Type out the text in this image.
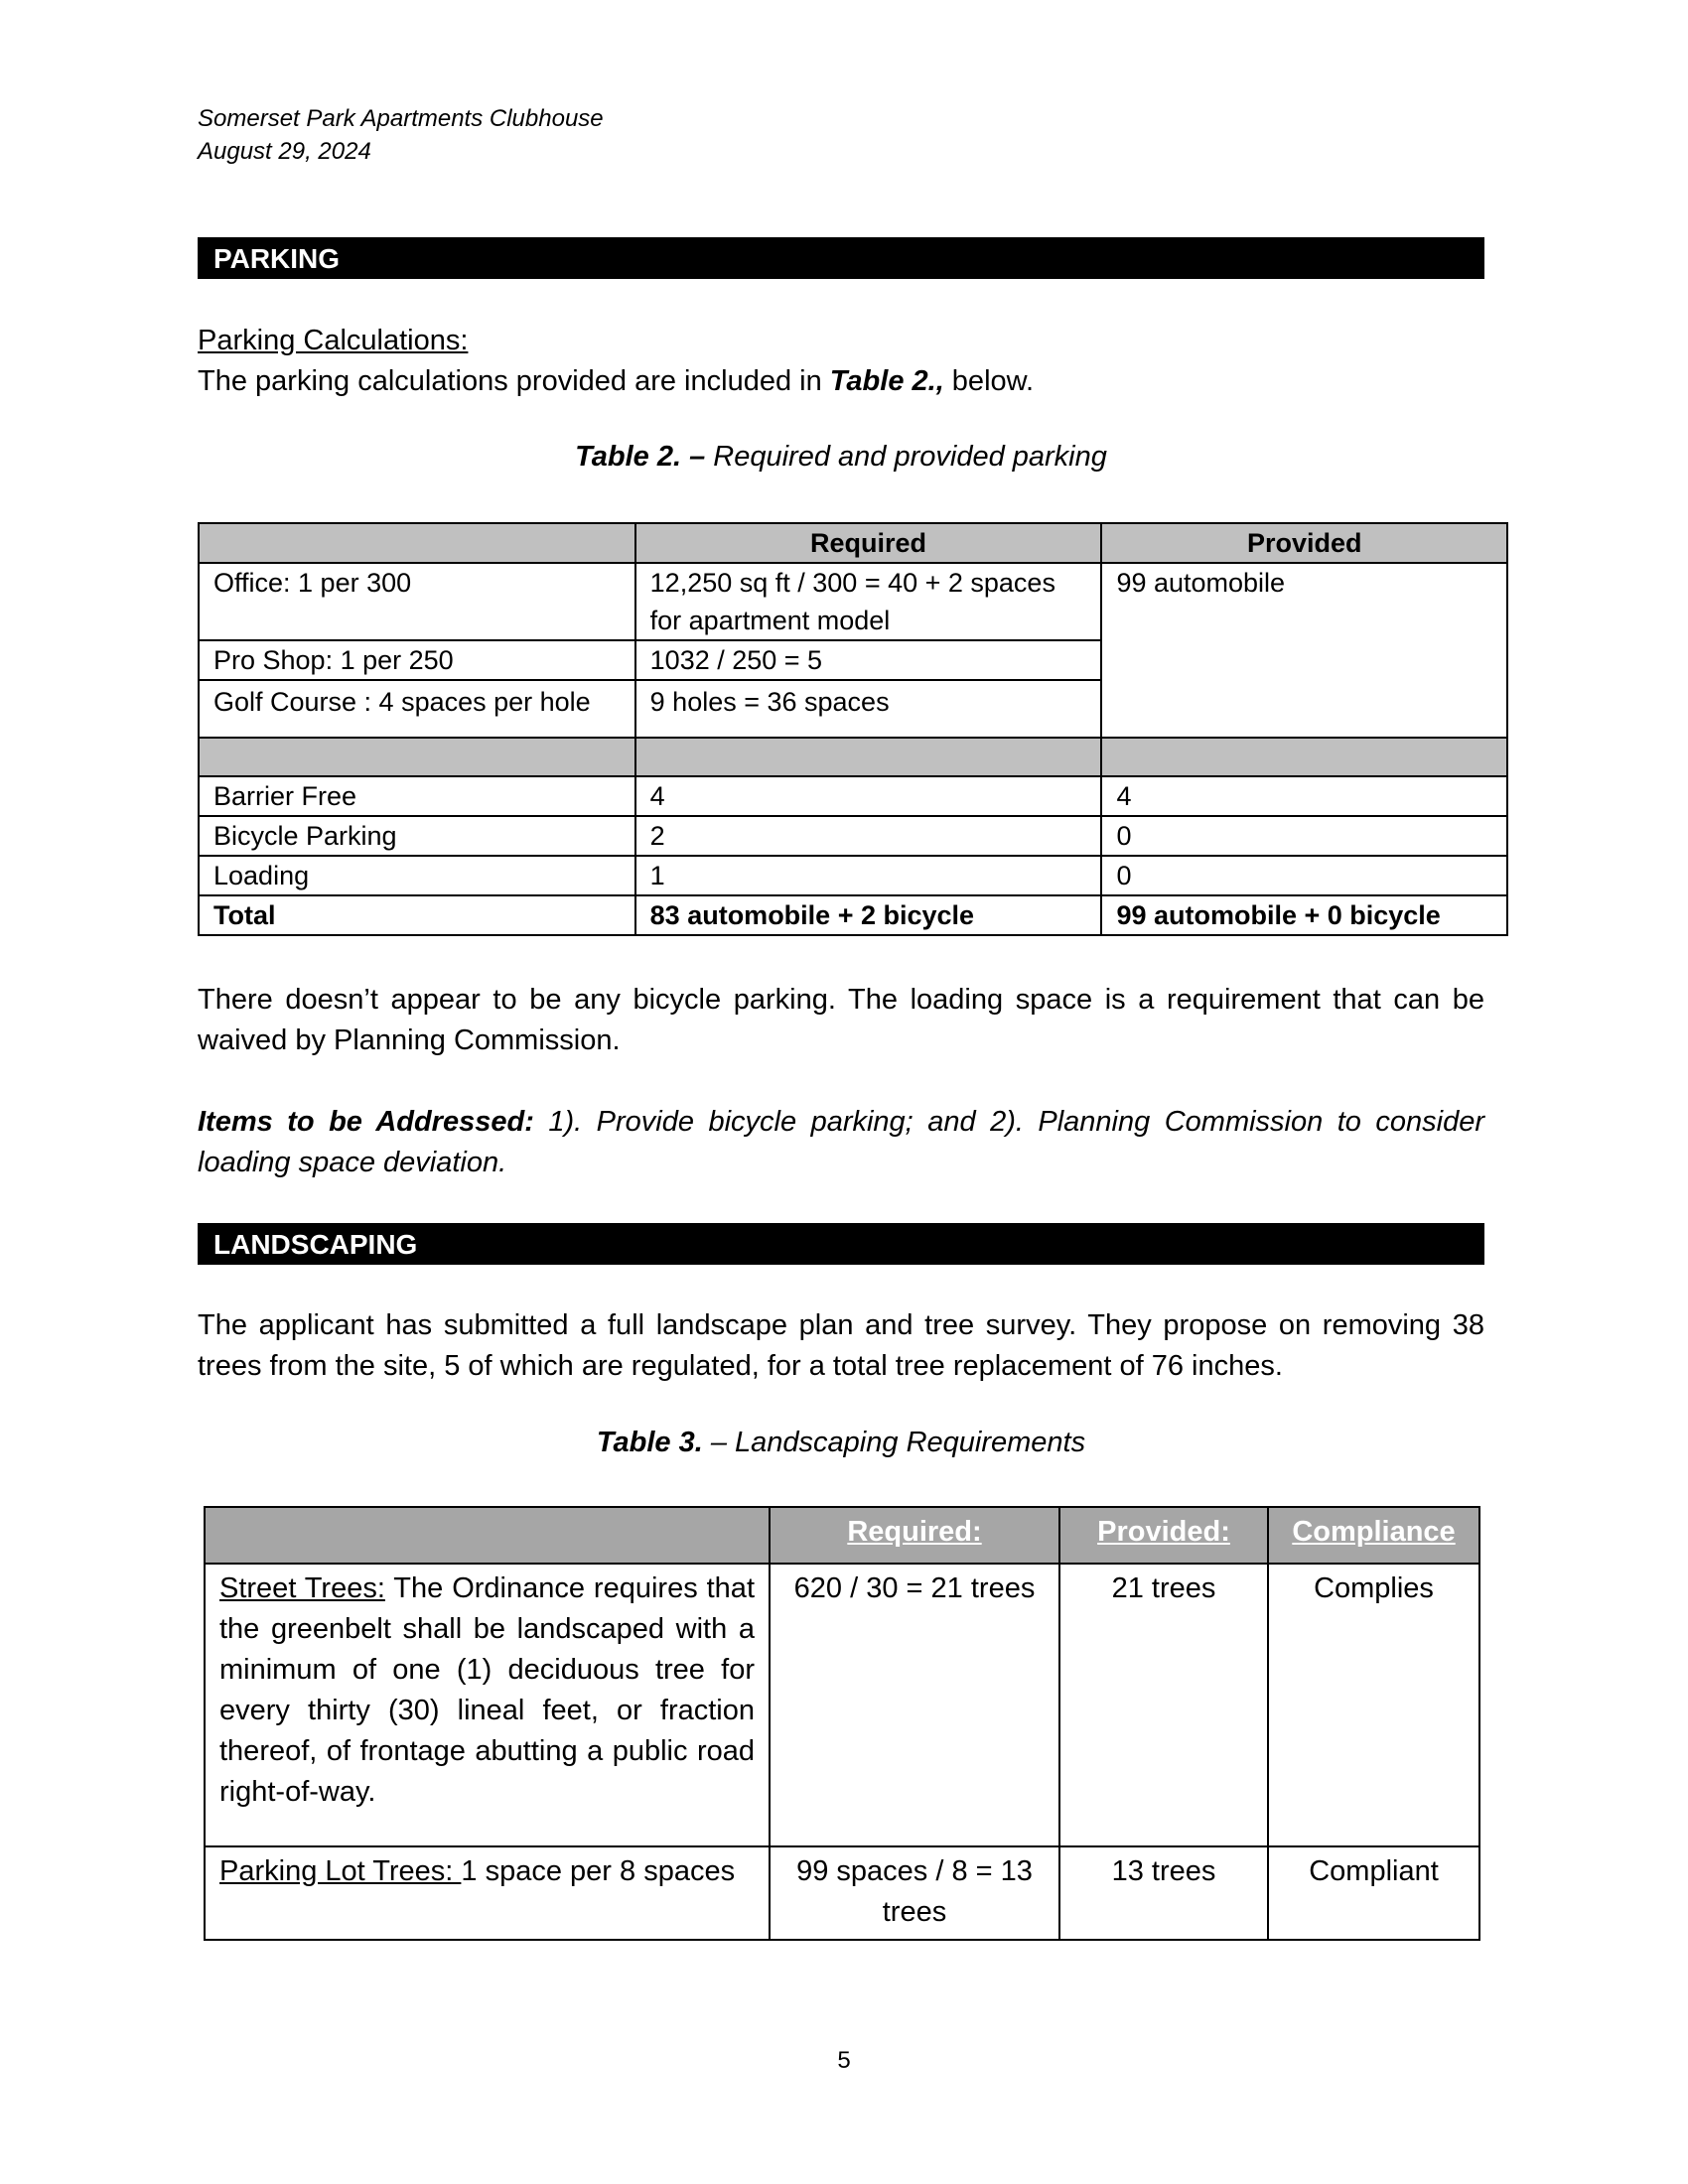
Somerset Park Apartments Clubhouse
August 29, 2024
PARKING
Parking Calculations:
The parking calculations provided are included in Table 2., below.
Table 2. – Required and provided parking
	Required	Provided
Office: 1 per 300	12,250 sq ft / 300 = 40 + 2 spaces for apartment model	99 automobile
Pro Shop: 1 per 250	1032 / 250 = 5	
Golf Course : 4 spaces per hole	9 holes = 36 spaces	

Barrier Free	4	4
Bicycle Parking	2	0
Loading	1	0
Total	83 automobile + 2 bicycle	99 automobile + 0 bicycle
There doesn’t appear to be any bicycle parking. The loading space is a requirement that can be waived by Planning Commission.
Items to be Addressed: 1). Provide bicycle parking; and 2). Planning Commission to consider loading space deviation.
LANDSCAPING
The applicant has submitted a full landscape plan and tree survey. They propose on removing 38 trees from the site, 5 of which are regulated, for a total tree replacement of 76 inches.
Table 3. – Landscaping Requirements
	Required:	Provided:	Compliance
Street Trees: The Ordinance requires that the greenbelt shall be landscaped with a minimum of one (1) deciduous tree for every thirty (30) lineal feet, or fraction thereof, of frontage abutting a public road right-of-way.	620 / 30 = 21 trees	21 trees	Complies
Parking Lot Trees: 1 space per 8 spaces	99 spaces / 8 = 13 trees	13 trees	Compliant
5
